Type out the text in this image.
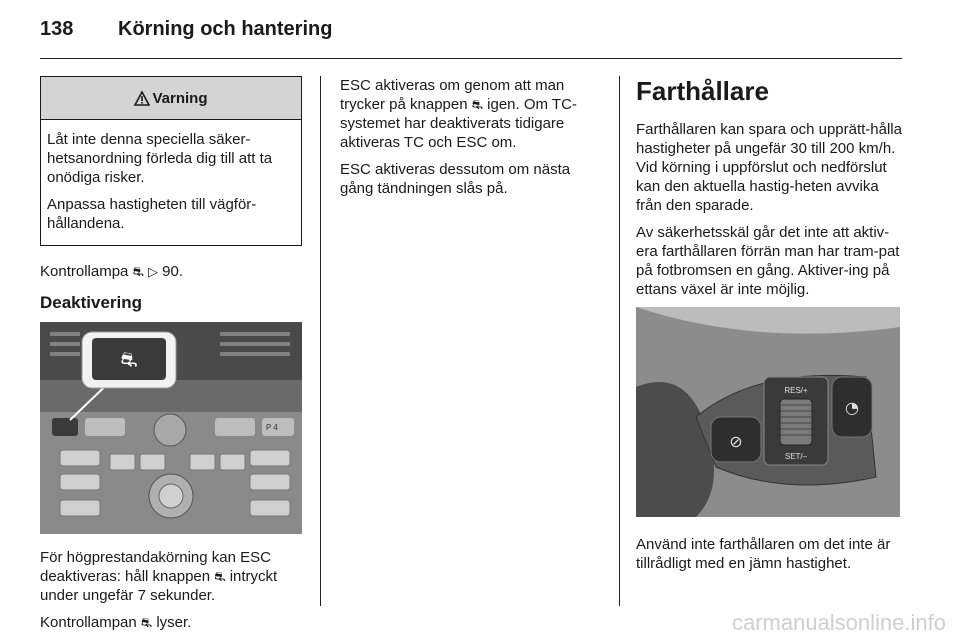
138 Körning och hantering
Varning

Låt inte denna speciella säker-hetsanordning förleda dig till att ta onödiga risker.

Anpassa hastigheten till vägför-hållandena.

Kontrollampa ⛐ ▷ 90.

Deaktivering
P 4
⛐

För högprestandakörning kan ESC deaktiveras: håll knappen ⛐ intryckt under ungefär 7 sekunder.

Kontrollampan ⛐ lyser.

ESC aktiveras om genom att man trycker på knappen ⛐ igen. Om TC-systemet har deaktiverats tidigare aktiveras TC och ESC om.

ESC aktiveras dessutom om nästa gång tändningen slås på.

Farthållare

Farthållaren kan spara och upprätt-hålla hastigheter på ungefär 30 till 200 km/h. Vid körning i uppförslut och nedförslut kan den aktuella hastig-heten avvika från den sparade.

Av säkerhetsskäl går det inte att aktiv-era farthållaren förrän man har tram-pat på fotbromsen en gång. Aktiver-ing på ettans växel är inte möjlig.

⊘
RES/+
SET/–
◔

Använd inte farthållaren om det inte är tillrådligt med en jämn hastighet.

carmanualsonline.info
